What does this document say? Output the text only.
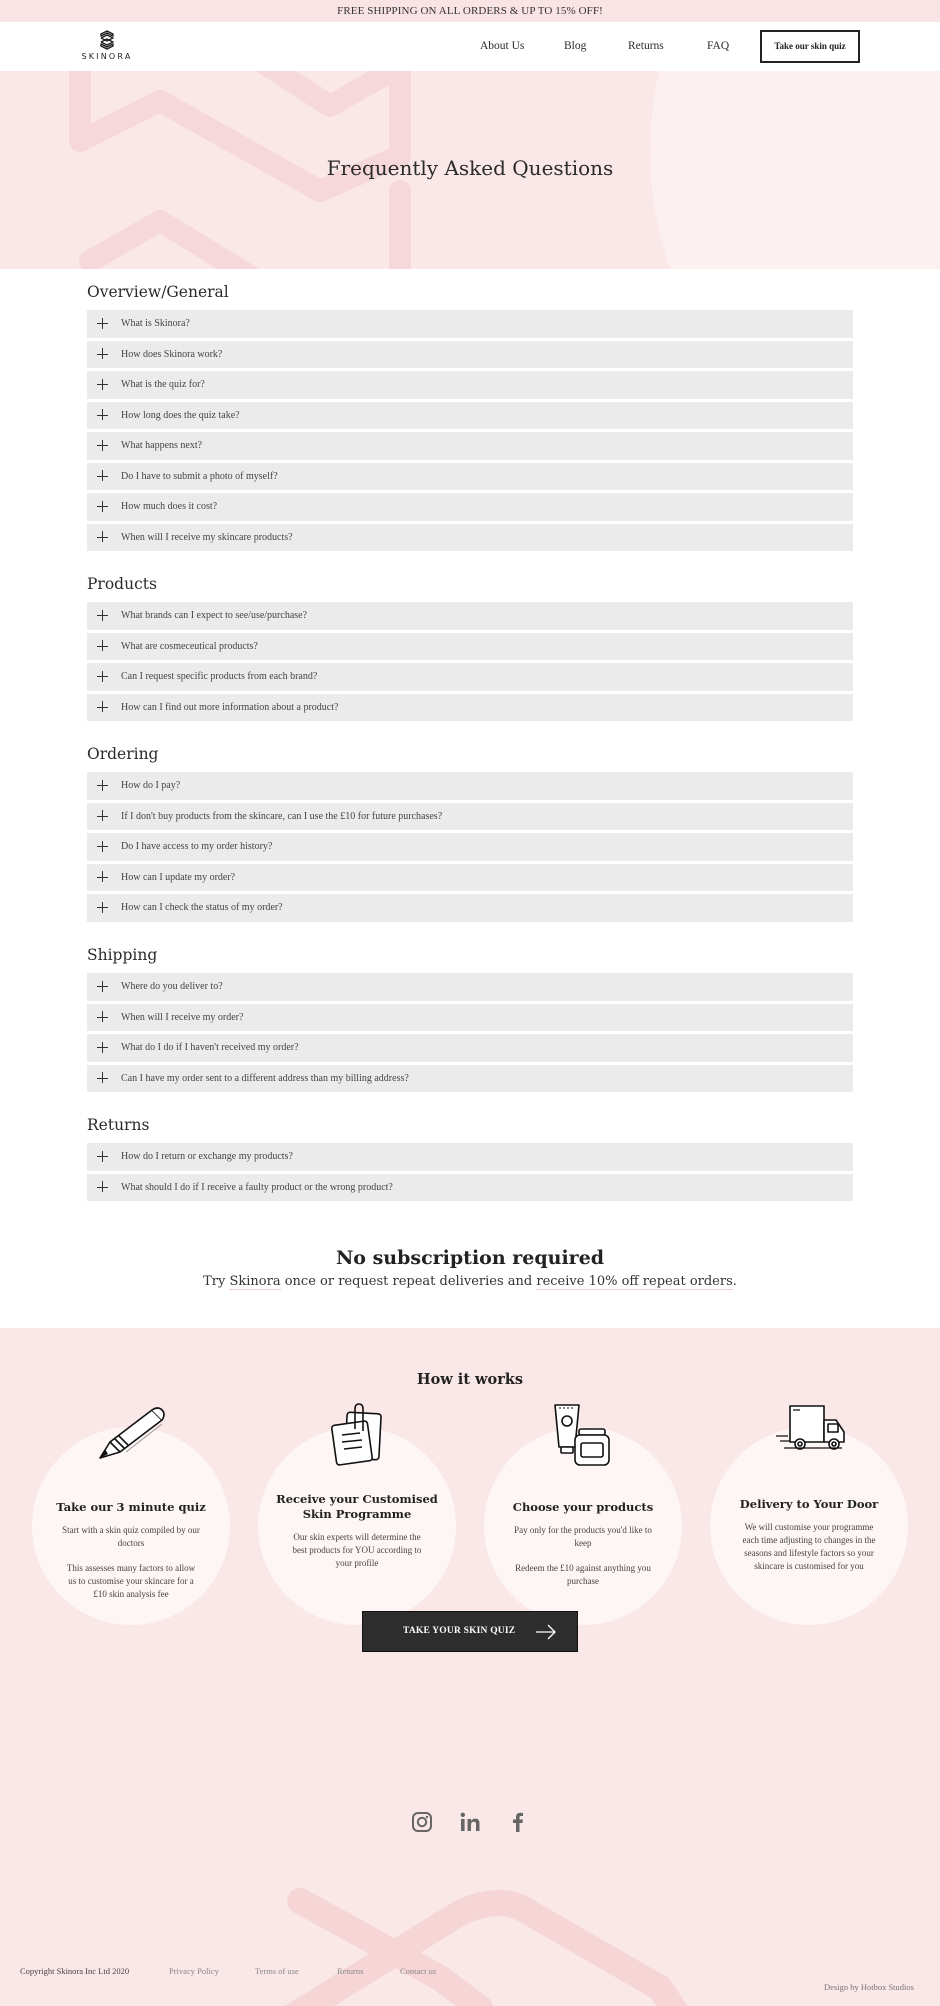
FREE SHIPPING ON ALL ORDERS & UP TO 15% OFF!
SKINORA
About Us	Blog	Returns	FAQ	Take our skin quiz
Frequently Asked Questions
Overview/General
What is Skinora?
How does Skinora work?
What is the quiz for?
How long does the quiz take?
What happens next?
Do I have to submit a photo of myself?
How much does it cost?
When will I receive my skincare products?
Products
What brands can I expect to see/use/purchase?
What are cosmeceutical products?
Can I request specific products from each brand?
How can I find out more information about a product?
Ordering
How do I pay?
If I don't buy products from the skincare, can I use the £10 for future purchases?
Do I have access to my order history?
How can I update my order?
How can I check the status of my order?
Shipping
Where do you deliver to?
When will I receive my order?
What do I do if I haven't received my order?
Can I have my order sent to a different address than my billing address?
Returns
How do I return or exchange my products?
What should I do if I receive a faulty product or the wrong product?
No subscription required

Try Skinora once or request repeat deliveries and receive 10% off repeat orders.

How it works
Take our 3 minute quiz

Start with a skin quiz compiled by our doctors

This assesses many factors to allow us to customise your skincare for a £10 skin analysis fee

Receive your Customised Skin Programme

Our skin experts will determine the best products for YOU according to your profile

Choose your products

Pay only for the products you'd like to keep

Redeem the £10 against anything you purchase

Delivery to Your Door

We will customise your programme each time adjusting to changes in the seasons and lifestyle factors so your skincare is customised for you

TAKE YOUR SKIN QUIZ
Copyright Skinora Inc Ltd 2020	Privacy Policy	Terms of use	Returns	Contact us
Design by Hotbox Studios
